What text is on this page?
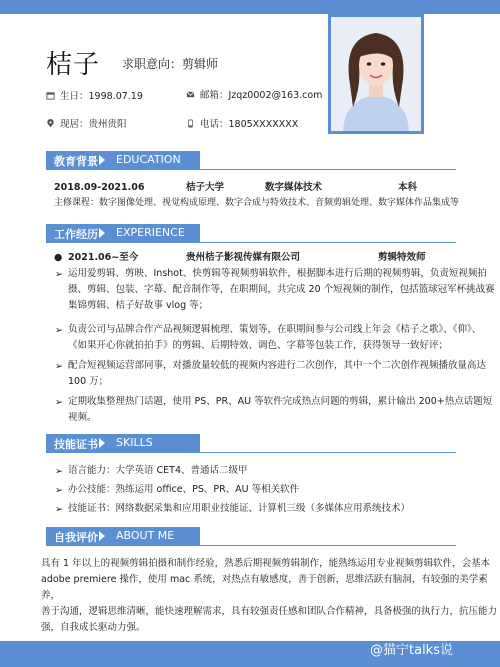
桔子 求职意向：剪辑师
生日：1998.07.19	邮箱：Jzqz0002@163.com
现居：贵州贵阳	电话：1805XXXXXXX
教育背景 EDUCATION
2018.09-2021.06	桔子大学	数字媒体技术	本科
主修课程：数字图像处理、视觉构成原理、数字合成与特效技术、音频剪辑处理、数字媒体作品集成等
工作经历 EXPERIENCE
● 2021.06~至今	贵州桔子影视传媒有限公司	剪辑特效师
➢ 运用爱剪辑、剪映、Inshot、快剪辑等视频剪辑软件，根据脚本进行后期的视频剪辑，负责短视频拍
摄、剪辑、包装、字幕、配音制作等，在职期间，共完成 20 个短视频的制作，包括篮球冠军杯挑战赛
集锦剪辑、桔子好故事 vlog 等；
➢ 负责公司与品牌合作产品视频逻辑梳理、策划等，在职期间参与公司线上年会《桔子之歌》、《仰》、
《如果开心你就拍拍手》的剪辑、后期特效、调色、字幕等包装工作，获得领导一致好评；
➢ 配合短视频运营部同事，对播放量较低的视频内容进行二次创作，其中一个二次创作视频播放量高达
100 万；
➢ 定期收集整理热门话题，使用 PS、PR、AU 等软件完成热点问题的剪辑，累计输出 200+热点话题短
视频。
技能证书 SKILLS
➢ 语言能力：大学英语 CET4、普通话二级甲
➢ 办公技能：熟练运用 office、PS、PR、AU 等相关软件
➢ 技能证书：网络数据采集和应用职业技能证、计算机三级（多媒体应用系统技术）
自我评价 ABOUT ME
具有 1 年以上的视频剪辑拍摄和制作经验，熟悉后期视频剪辑制作，能熟练运用专业视频剪辑软件，会基本
adobe premiere 操作，使用 mac 系统，对热点有敏感度，善于创新，思维活跃有脑洞，有较强的美学素养，
善于沟通，逻辑思维清晰，能快速理解需求，具有较强责任感和团队合作精神，具备极强的执行力，抗压能力
强，自我成长驱动力强。
@猫宁talks说
